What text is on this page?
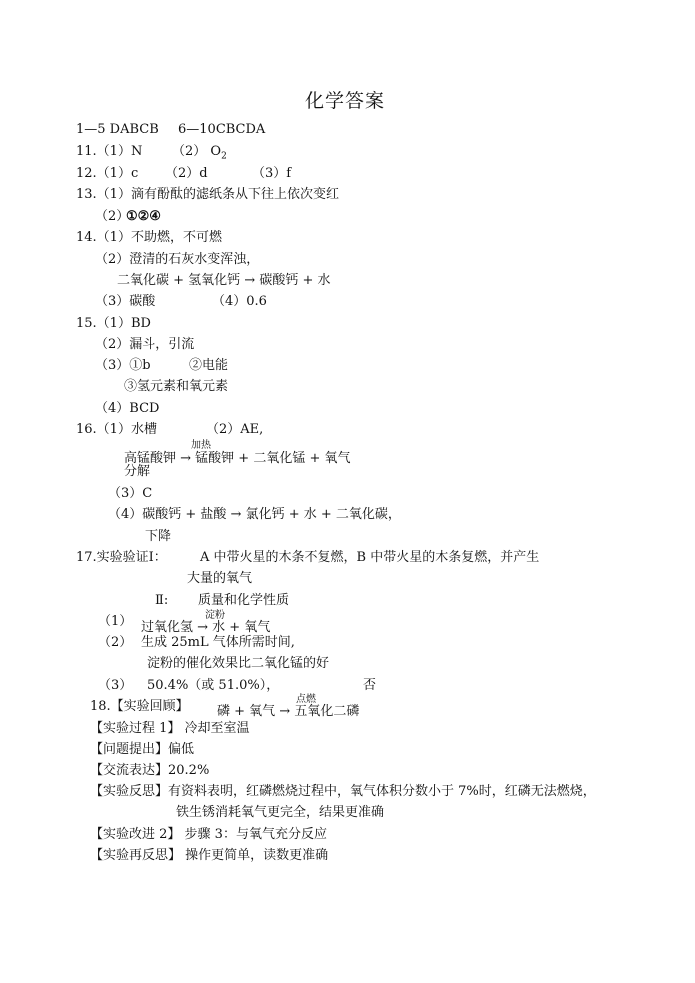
化学答案
1—5 DABCB 6—10CBCDA
11.（1）N （2） $O_2$
12.（1）c （2）d	（3）f
13.（1）滴有酚酞的滤纸条从下往上依次变红
（2）
①②④
14.（1）不助燃，不可燃
（2）澄清的石灰水变浑浊，
二氧化碳 + 氢氧化钙 → 碳酸钙 + 水
（3）碳酸	（4）0.6
15.（1）BD
（2）漏斗，引流
（3）①b	②电能
③氢元素和氧元素
（4）BCD
16.（1）水槽	（2）AE,
加热
高锰酸钾 → 锰酸钾 + 二氧化锰 + 氧气
分解
（3）C
（4）碳酸钙 + 盐酸 → 氯化钙 + 水 + 二氧化碳，
下降
17.实验验证Ⅰ：	A 中带火星的木条不复燃，B 中带火星的木条复燃，并产生
大量的氧气
Ⅱ: 质量和化学性质
淀粉
（1） 过氧化氢 → 水 + 氧气
（2） 生成 25mL 气体所需时间,
淀粉的催化效果比二氧化锰的好
（3） 50.4%（或 51.0%），	否
点燃
18.【实验回顾】 磷 + 氧气 → 五氧化二磷
【实验过程 1】 冷却至室温
【问题提出】偏低
【交流表达】20.2%
【实验反思】有资料表明，红磷燃烧过程中，氧气体积分数小于 7%时，红磷无法燃烧，
铁生锈消耗氧气更完全，结果更准确
【实验改进 2】 步骤 3：与氧气充分反应
【实验再反思】 操作更简单，读数更准确
